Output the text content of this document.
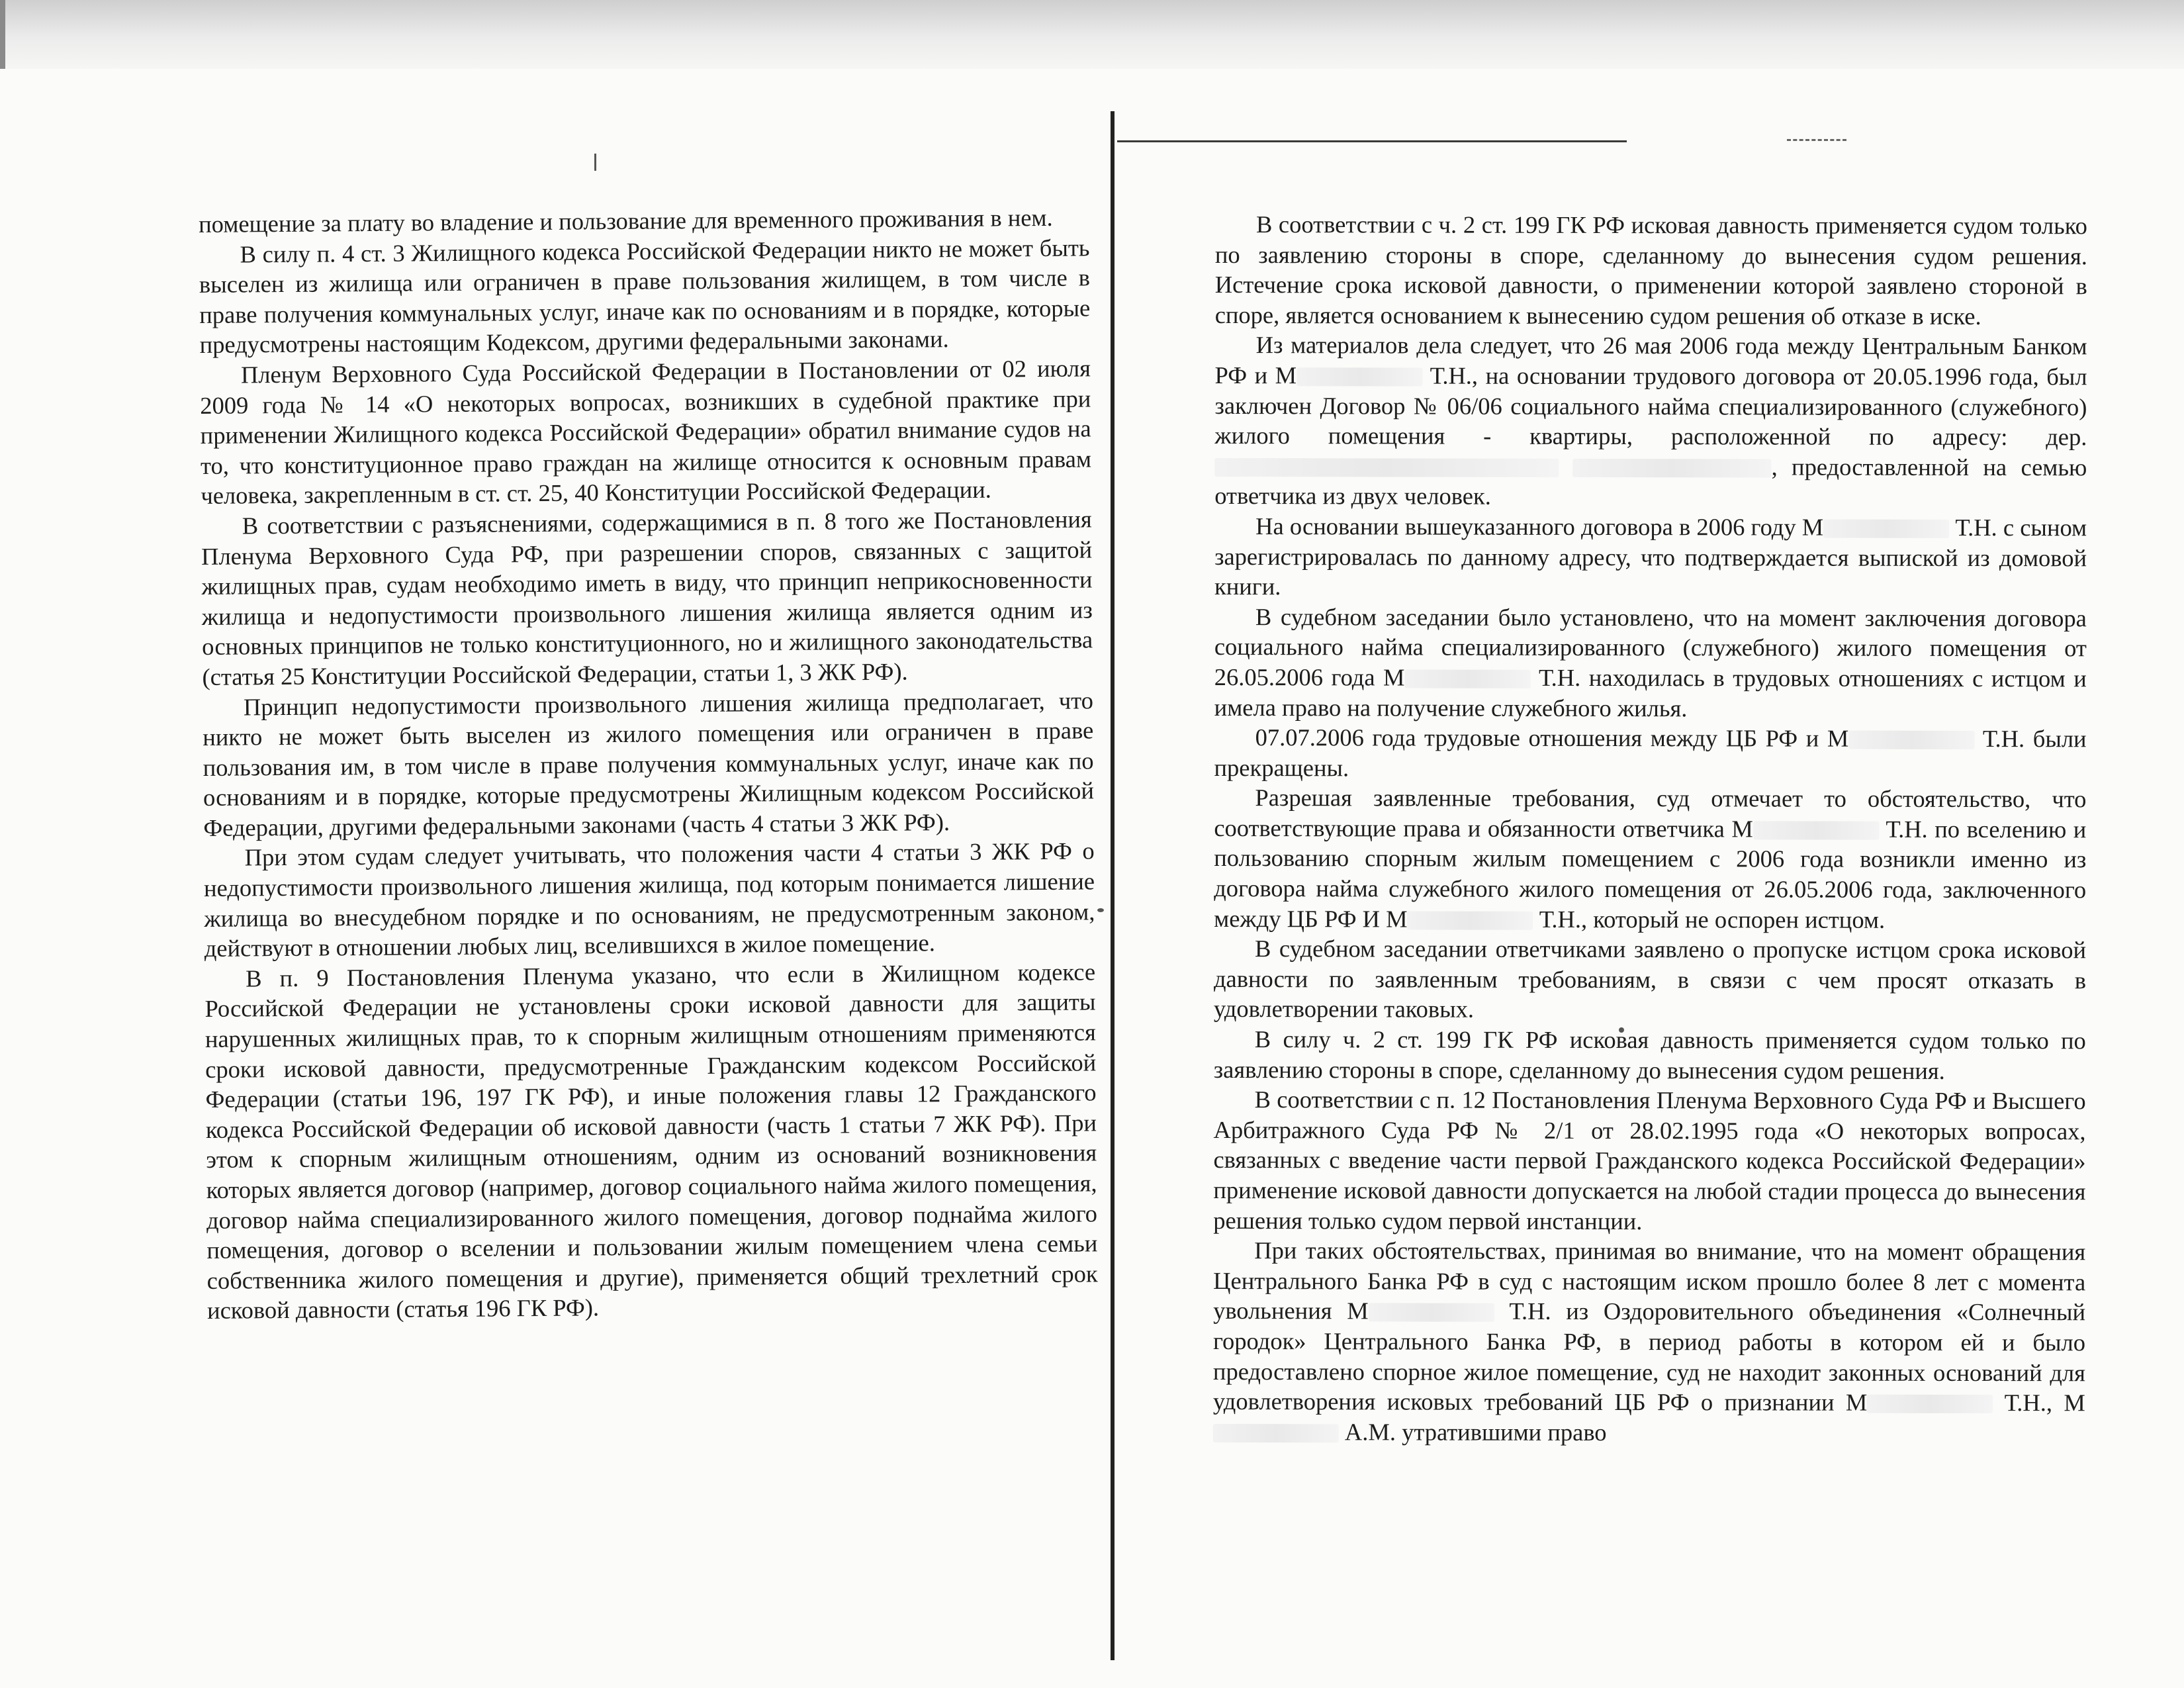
помещение за плату во владение и пользование для временного проживания в нем.

В силу п. 4 ст. 3 Жилищного кодекса Российской Федерации никто не может быть выселен из жилища или ограничен в праве пользования жилищем, в том числе в праве получения коммунальных услуг, иначе как по основаниям и в порядке, которые предусмотрены настоящим Кодексом, другими федеральными законами.

Пленум Верховного Суда Российской Федерации в Постановлении от 02 июля 2009 года № 14 «О некоторых вопросах, возникших в судебной практике при применении Жилищного кодекса Российской Федерации» обратил внимание судов на то, что конституционное право граждан на жилище относится к основным правам человека, закрепленным в ст. ст. 25, 40 Конституции Российской Федерации.

В соответствии с разъяснениями, содержащимися в п. 8 того же Постановления Пленума Верховного Суда РФ, при разрешении споров, связанных с защитой жилищных прав, судам необходимо иметь в виду, что принцип неприкосновенности жилища и недопустимости произвольного лишения жилища является одним из основных принципов не только конституционного, но и жилищного законодательства (статья 25 Конституции Российской Федерации, статьи 1, 3 ЖК РФ).

Принцип недопустимости произвольного лишения жилища предполагает, что никто не может быть выселен из жилого помещения или ограничен в праве пользования им, в том числе в праве получения коммунальных услуг, иначе как по основаниям и в порядке, которые предусмотрены Жилищным кодексом Российской Федерации, другими федеральными законами (часть 4 статьи 3 ЖК РФ).

При этом судам следует учитывать, что положения части 4 статьи 3 ЖК РФ о недопустимости произвольного лишения жилища, под которым понимается лишение жилища во внесудебном порядке и по основаниям, не предусмотренным законом, действуют в отношении любых лиц, вселившихся в жилое помещение.

В п. 9 Постановления Пленума указано, что если в Жилищном кодексе Российской Федерации не установлены сроки исковой давности для защиты нарушенных жилищных прав, то к спорным жилищным отношениям применяются сроки исковой давности, предусмотренные Гражданским кодексом Российской Федерации (статьи 196, 197 ГК РФ), и иные положения главы 12 Гражданского кодекса Российской Федерации об исковой давности (часть 1 статьи 7 ЖК РФ). При этом к спорным жилищным отношениям, одним из оснований возникновения которых является договор (например, договор социального найма жилого помещения, договор найма специализированного жилого помещения, договор поднайма жилого помещения, договор о вселении и пользовании жилым помещением члена семьи собственника жилого помещения и другие), применяется общий трехлетний срок исковой давности (статья 196 ГК РФ).

В соответствии с ч. 2 ст. 199 ГК РФ исковая давность применяется судом только по заявлению стороны в споре, сделанному до вынесения судом решения. Истечение срока исковой давности, о применении которой заявлено стороной в споре, является основанием к вынесению судом решения об отказе в иске.

Из материалов дела следует, что 26 мая 2006 года между Центральным Банком РФ и М	Т.Н., на основании трудового договора от 20.05.1996 года, был заключен Договор № 06/06 социального найма специализированного (служебного) жилого помещения - квартиры, расположенной по адресу: дер.  , предоставленной на семью ответчика из двух человек.

На основании вышеуказанного договора в 2006 году М	Т.Н. с сыном зарегистрировалась по данному адресу, что подтверждается выпиской из домовой книги.

В судебном заседании было установлено, что на момент заключения договора социального найма специализированного (служебного) жилого помещения от 26.05.2006 года М	Т.Н. находилась в трудовых отношениях с истцом и имела право на получение служебного жилья.

07.07.2006 года трудовые отношения между ЦБ РФ и М	Т.Н. были прекращены.

Разрешая заявленные требования, суд отмечает то обстоятельство, что соответствующие права и обязанности ответчика М	Т.Н. по вселению и пользованию спорным жилым помещением с 2006 года возникли именно из договора найма служебного жилого помещения от 26.05.2006 года, заключенного между ЦБ РФ И М	Т.Н., который не оспорен истцом.

В судебном заседании ответчиками заявлено о пропуске истцом срока исковой давности по заявленным требованиям, в связи с чем просят отказать в удовлетворении таковых.

В силу ч. 2 ст. 199 ГК РФ исковая давность применяется судом только по заявлению стороны в споре, сделанному до вынесения судом решения.

В соответствии с п. 12 Постановления Пленума Верховного Суда РФ и Высшего Арбитражного Суда РФ № 2/1 от 28.02.1995 года «О некоторых вопросах, связанных с введение части первой Гражданского кодекса Российской Федерации» применение исковой давности допускается на любой стадии процесса до вынесения решения только судом первой инстанции.

При таких обстоятельствах, принимая во внимание, что на момент обращения Центрального Банка РФ в суд с настоящим иском прошло более 8 лет с момента увольнения М	Т.Н. из Оздоровительного объединения «Солнечный городок» Центрального Банка РФ, в период работы в котором ей и было предоставлено спорное жилое помещение, суд не находит законных оснований для удовлетворения исковых требований ЦБ РФ о признании М	Т.Н., М А.М. утратившими право
